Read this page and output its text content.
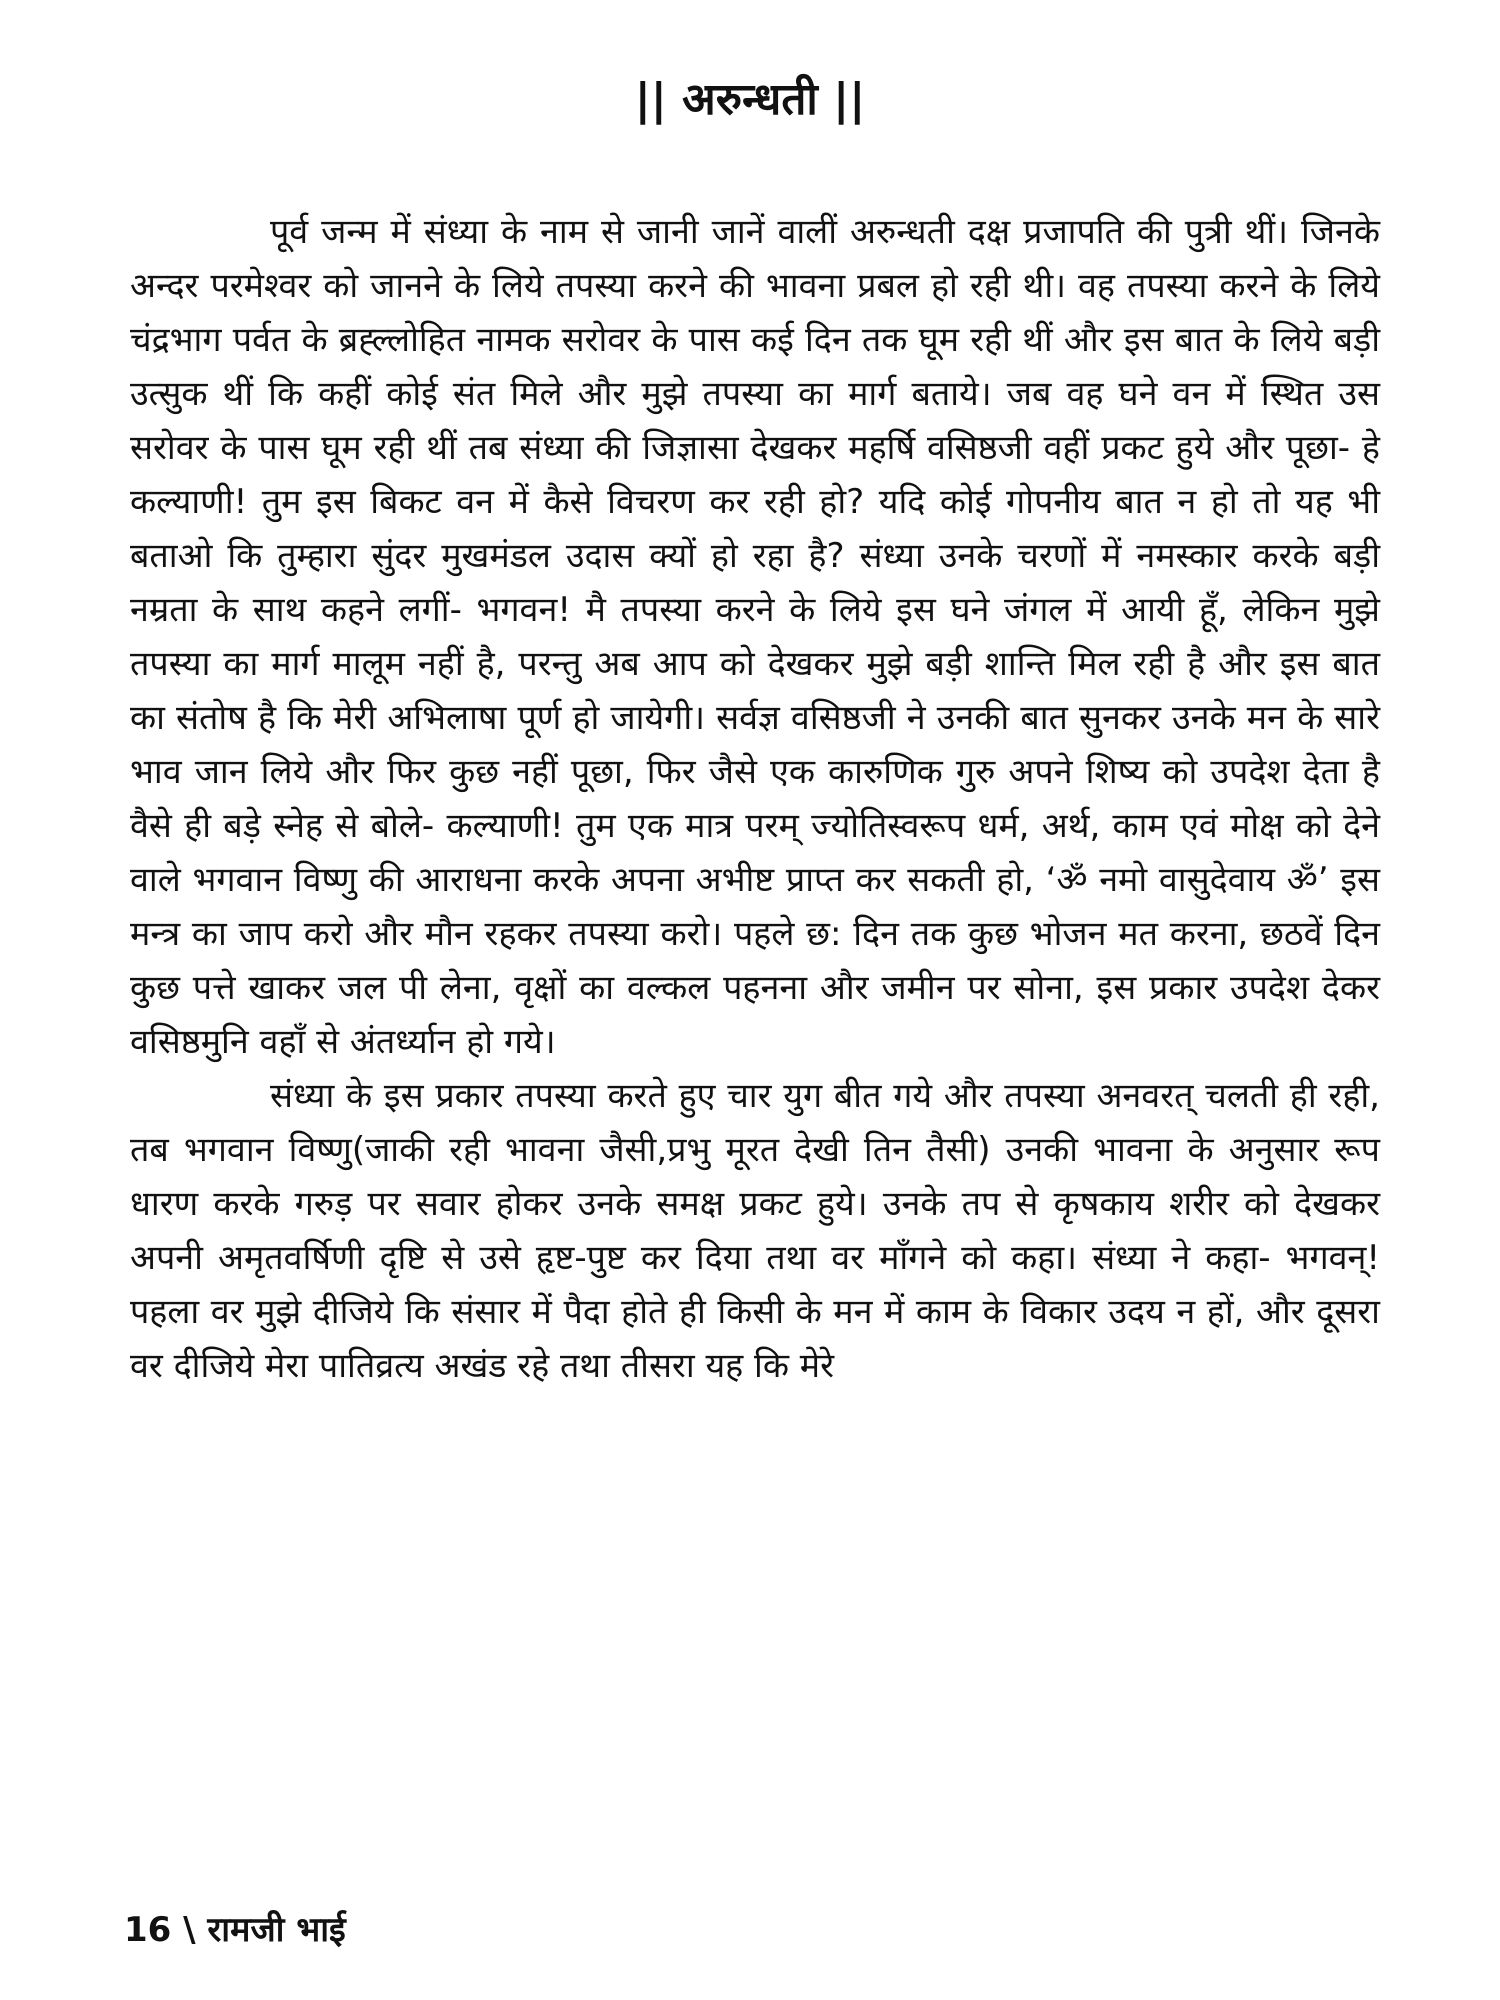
|| अरुन्धती ||

पूर्व जन्म में संध्या के नाम से जानी जानें वालीं अरुन्धती दक्ष प्रजापति की पुत्री थीं। जिनके अन्दर परमेश्वर को जानने के लिये तपस्या करने की भावना प्रबल हो रही थी। वह तपस्या करने के लिये चंद्रभाग पर्वत के ब्रह्ल्लोहित नामक सरोवर के पास कई दिन तक घूम रही थीं और इस बात के लिये बड़ी उत्सुक थीं कि कहीं कोई संत मिले और मुझे तपस्या का मार्ग बताये। जब वह घने वन में स्थित उस सरोवर के पास घूम रही थीं तब संध्या की जिज्ञासा देखकर महर्षि वसिष्ठजी वहीं प्रकट हुये और पूछा- हे कल्याणी! तुम इस बिकट वन में कैसे विचरण कर रही हो? यदि कोई गोपनीय बात न हो तो यह भी बताओ कि तुम्हारा सुंदर मुखमंडल उदास क्यों हो रहा है? संध्या उनके चरणों में नमस्कार करके बड़ी नम्रता के साथ कहने लगीं- भगवन! मै तपस्या करने के लिये इस घने जंगल में आयी हूँ, लेकिन मुझे तपस्या का मार्ग मालूम नहीं है, परन्तु अब आप को देखकर मुझे बड़ी शान्ति मिल रही है और इस बात का संतोष है कि मेरी अभिलाषा पूर्ण हो जायेगी। सर्वज्ञ वसिष्ठजी ने उनकी बात सुनकर उनके मन के सारे भाव जान लिये और फिर कुछ नहीं पूछा, फिर जैसे एक कारुणिक गुरु अपने शिष्य को उपदेश देता है वैसे ही बड़े स्नेह से बोले- कल्याणी! तुम एक मात्र परम् ज्योतिस्वरूप धर्म, अर्थ, काम एवं मोक्ष को देने वाले भगवान विष्णु की आराधना करके अपना अभीष्ट प्राप्त कर सकती हो, ‘ॐ नमो वासुदेवाय ॐ’ इस मन्त्र का जाप करो और मौन रहकर तपस्या करो। पहले छ: दिन तक कुछ भोजन मत करना, छठवें दिन कुछ पत्ते खाकर जल पी लेना, वृक्षों का वल्कल पहनना और जमीन पर सोना, इस प्रकार उपदेश देकर वसिष्ठमुनि वहाँ से अंतर्ध्यान हो गये।

संध्या के इस प्रकार तपस्या करते हुए चार युग बीत गये और तपस्या अनवरत् चलती ही रही, तब भगवान विष्णु(जाकी रही भावना जैसी,प्रभु मूरत देखी तिन तैसी) उनकी भावना के अनुसार रूप धारण करके गरुड़ पर सवार होकर उनके समक्ष प्रकट हुये। उनके तप से कृषकाय शरीर को देखकर अपनी अमृतवर्षिणी दृष्टि से उसे हृष्ट-पुष्ट कर दिया तथा वर माँगने को कहा। संध्या ने कहा- भगवन्! पहला वर मुझे दीजिये कि संसार में पैदा होते ही किसी के मन में काम के विकार उदय न हों, और दूसरा वर दीजिये मेरा पातिव्रत्य अखंड रहे तथा तीसरा यह कि मेरे

16 \ रामजी भाई
